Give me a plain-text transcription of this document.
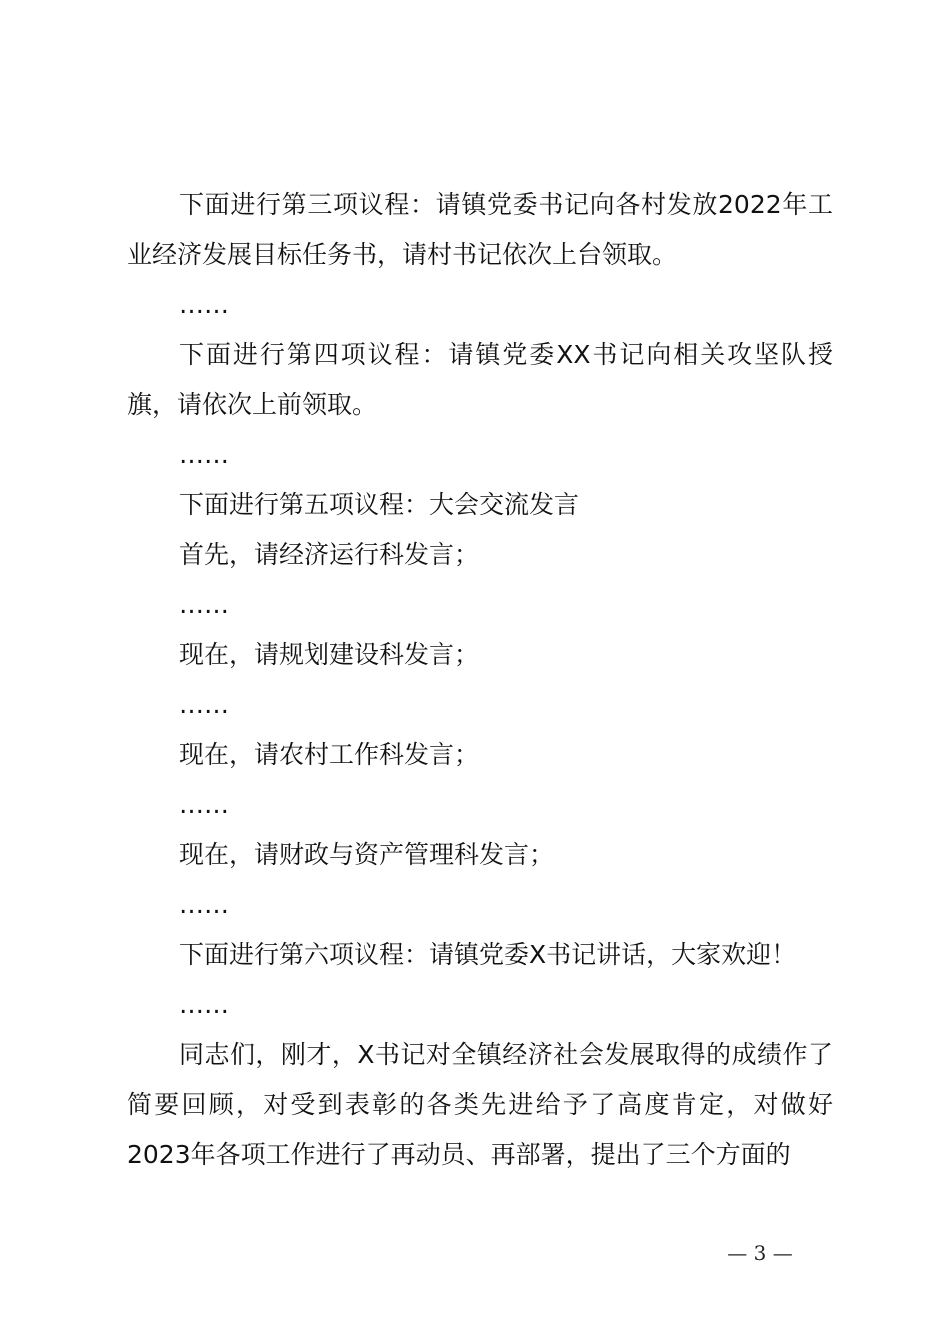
下面进行第三项议程：请镇党委书记向各村发放2022年工业经济发展目标任务书，请村书记依次上台领取。

……

下面进行第四项议程：请镇党委XX书记向相关攻坚队授旗，请依次上前领取。

……

下面进行第五项议程：大会交流发言

首先，请经济运行科发言；

……

现在，请规划建设科发言；

……

现在，请农村工作科发言；

……

现在，请财政与资产管理科发言；

……

下面进行第六项议程：请镇党委X书记讲话，大家欢迎！

……

同志们，刚才，X书记对全镇经济社会发展取得的成绩作了简要回顾，对受到表彰的各类先进给予了高度肯定，对做好2023年各项工作进行了再动员、再部署，提出了三个方面的

— 3 —
